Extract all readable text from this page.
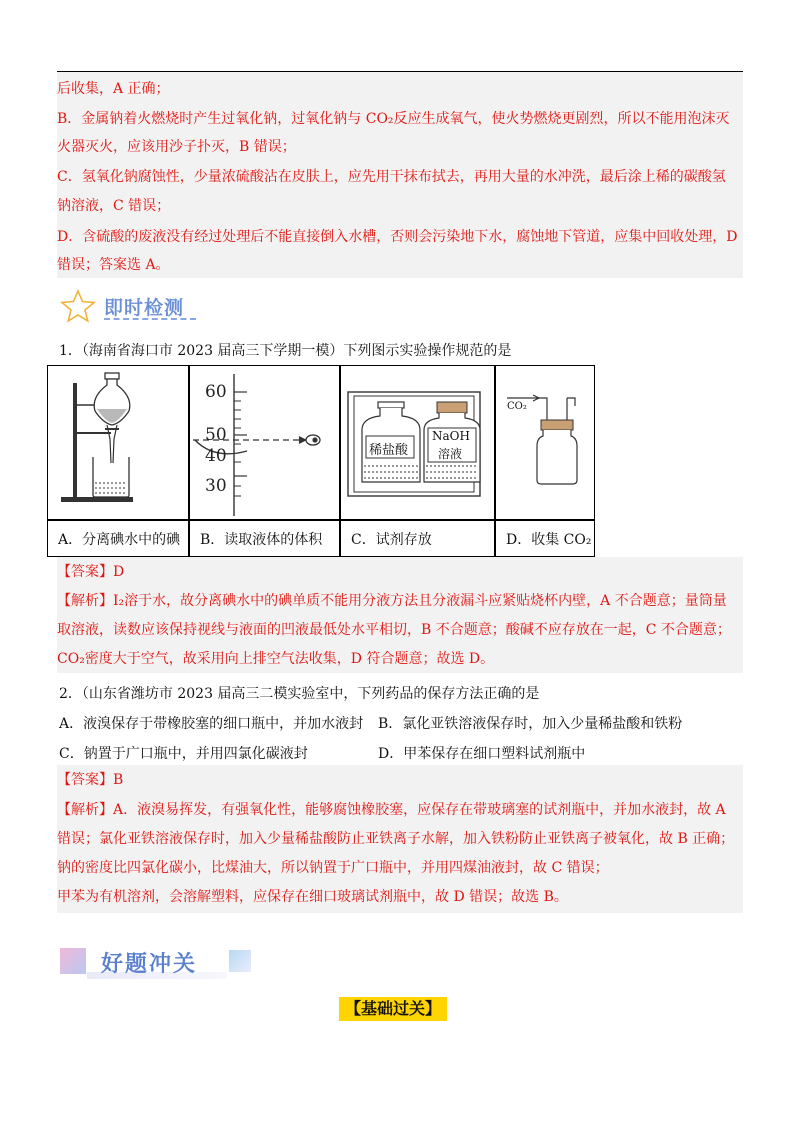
后收集，A 正确；
B．金属钠着火燃烧时产生过氧化钠，过氧化钠与 CO₂反应生成氧气，使火势燃烧更剧烈，所以不能用泡沫灭
火器灭火，应该用沙子扑灭，B 错误；
C．氢氧化钠腐蚀性，少量浓硫酸沾在皮肤上，应先用干抹布拭去，再用大量的水冲洗，最后涂上稀的碳酸氢
钠溶液，C 错误；
D．含硫酸的废液没有经过处理后不能直接倒入水槽，否则会污染地下水，腐蚀地下管道，应集中回收处理，D
错误；答案选 A。
即时检测
1．（海南省海口市 2023 届高三下学期一模）下列图示实验操作规范的是
60
50
40
30
稀盐酸
NaOH
溶液
CO₂
A．分离碘水中的碘 B．读取液体的体积 C．试剂存放	D．收集 CO₂
【答案】D
【解析】I₂溶于水，故分离碘水中的碘单质不能用分液方法且分液漏斗应紧贴烧杯内壁，A 不合题意；量筒量
取溶液，读数应该保持视线与液面的凹液最低处水平相切，B 不合题意；酸碱不应存放在一起，C 不合题意；
CO₂密度大于空气，故采用向上排空气法收集，D 符合题意；故选 D。
2．（山东省潍坊市 2023 届高三二模实验室中，下列药品的保存方法正确的是
A．液溴保存于带橡胶塞的细口瓶中，并加水液封 B．氯化亚铁溶液保存时，加入少量稀盐酸和铁粉
C．钠置于广口瓶中，并用四氯化碳液封	D．甲苯保存在细口塑料试剂瓶中
【答案】B
【解析】A．液溴易挥发，有强氧化性，能够腐蚀橡胶塞，应保存在带玻璃塞的试剂瓶中，并加水液封，故 A
错误；氯化亚铁溶液保存时，加入少量稀盐酸防止亚铁离子水解，加入铁粉防止亚铁离子被氧化，故 B 正确；
钠的密度比四氯化碳小，比煤油大，所以钠置于广口瓶中，并用四煤油液封，故 C 错误；
甲苯为有机溶剂，会溶解塑料，应保存在细口玻璃试剂瓶中，故 D 错误；故选 B。
好题冲关
【基础过关】
